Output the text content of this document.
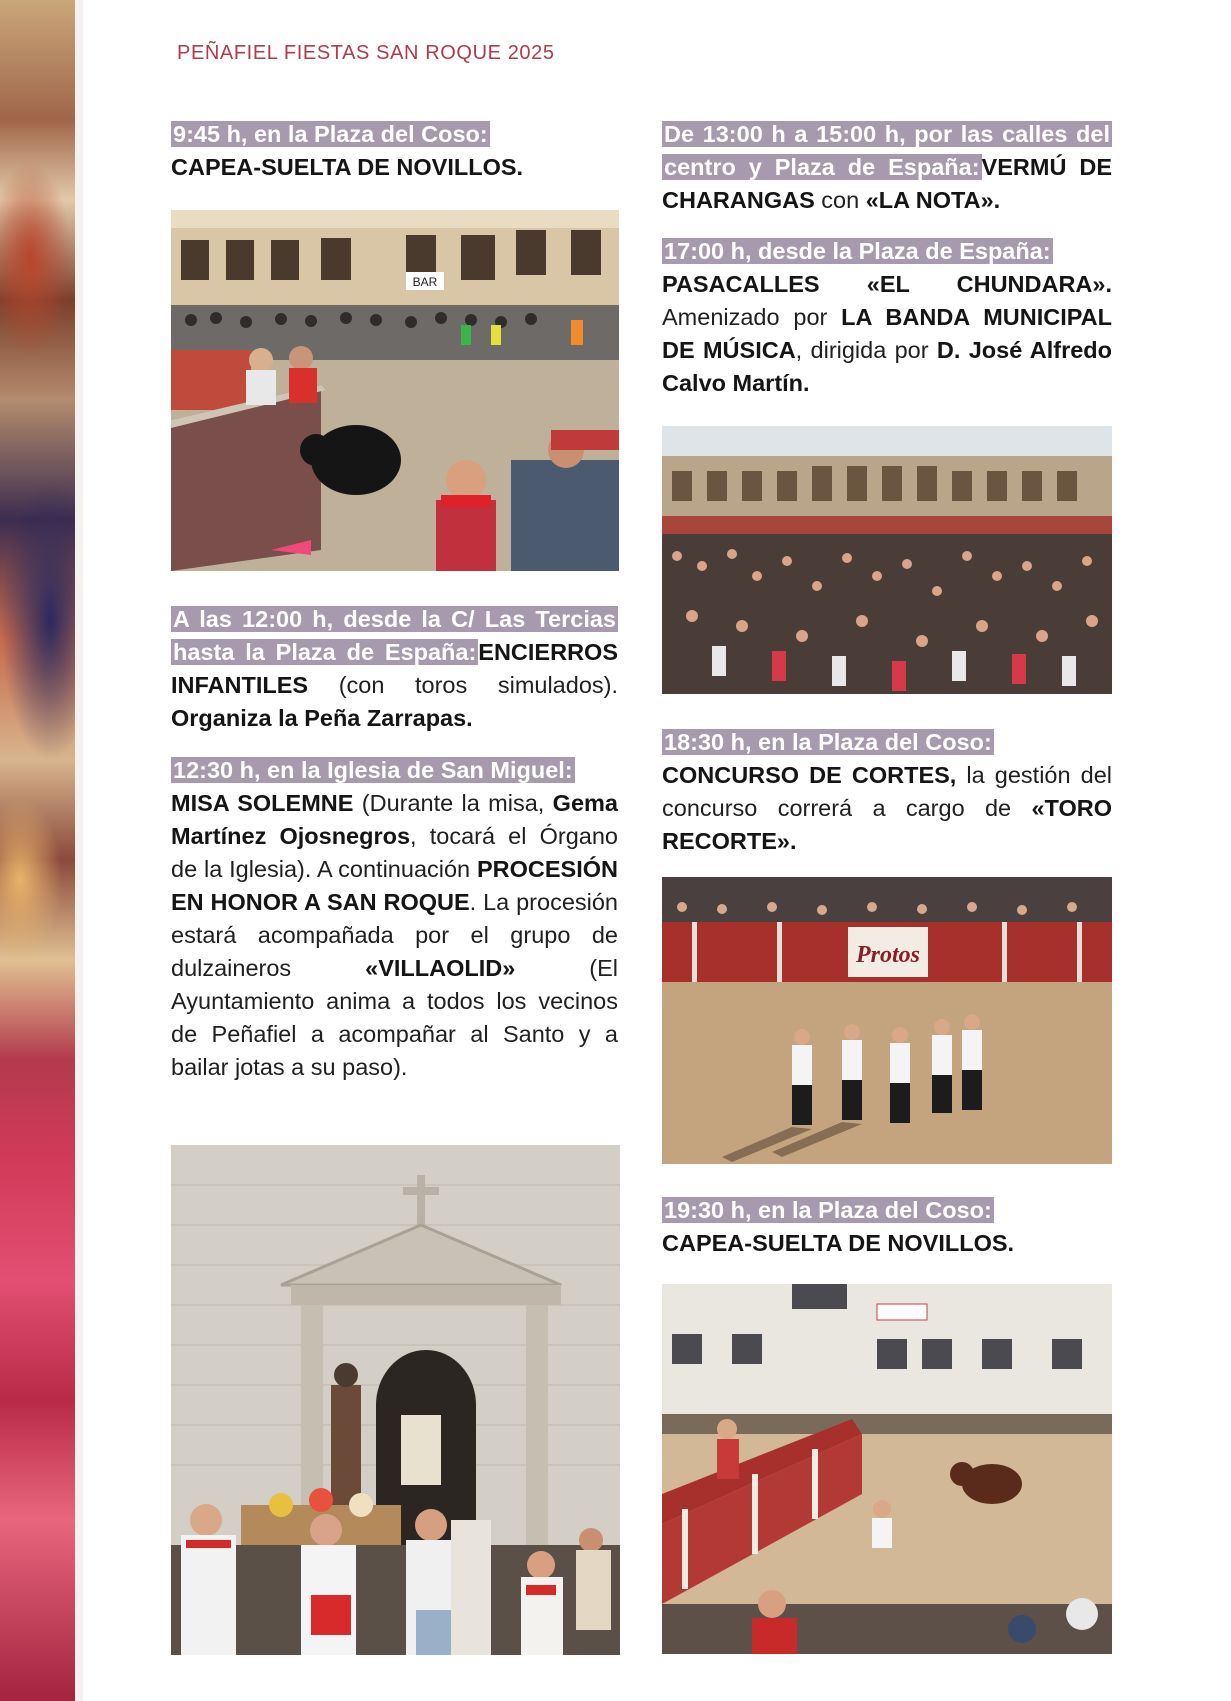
PEÑAFIEL FIESTAS SAN ROQUE 2025

9:45 h, en la Plaza del Coso:
CAPEA-SUELTA DE NOVILLOS.

BAR

A las 12:00 h, desde la C/ Las Tercias hasta la Plaza de España:ENCIERROS INFANTILES (con toros simulados). Organiza la Peña Zarrapas.

12:30 h, en la Iglesia de San Miguel:
MISA SOLEMNE (Durante la misa, Gema Martínez Ojosnegros, tocará el Órgano de la Iglesia). A continuación PROCESIÓN EN HONOR A SAN ROQUE. La procesión estará acompañada por el grupo de dulzaineros «VILLAOLID» (El Ayuntamiento anima a todos los vecinos de Peñafiel a acompañar al Santo y a bailar jotas a su paso).

De 13:00 h a 15:00 h, por las calles del centro y Plaza de España:VERMÚ DE CHARANGAS con «LA NOTA».

17:00 h, desde la Plaza de España:
PASACALLES «EL CHUNDARA». Amenizado por LA BANDA MUNICIPAL DE MÚSICA, dirigida por D. José Alfredo Calvo Martín.

18:30 h, en la Plaza del Coso:
CONCURSO DE CORTES, la gestión del concurso correrá a cargo de «TORO RECORTE».

Protos

19:30 h, en la Plaza del Coso:
CAPEA-SUELTA DE NOVILLOS.
